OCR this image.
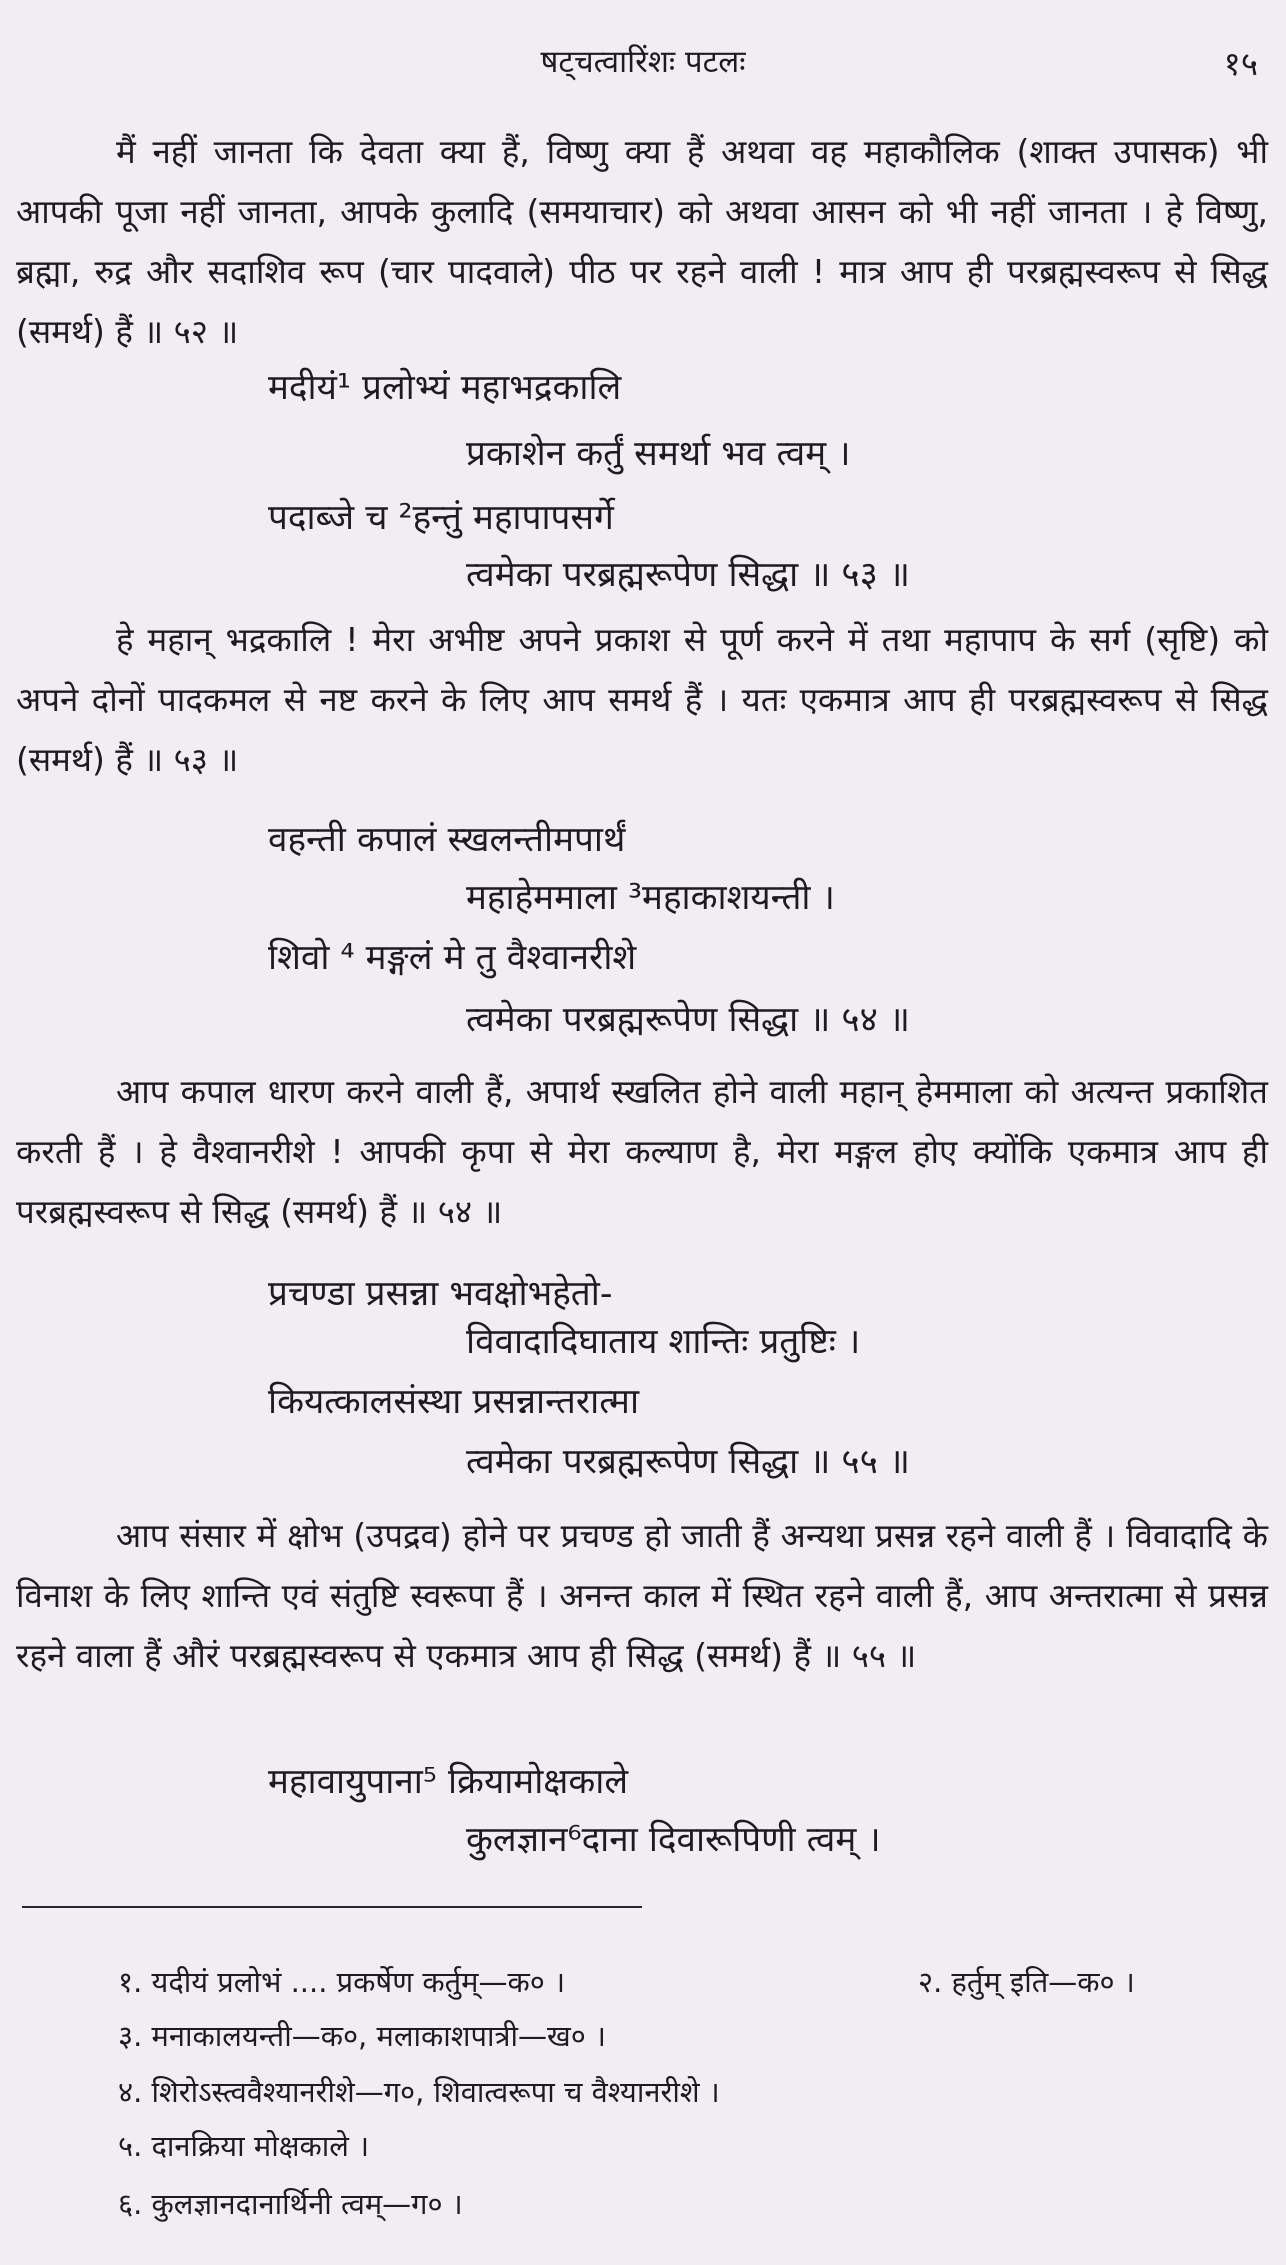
षट्चत्वारिंशः पटलः	१५

मैं नहीं जानता कि देवता क्या हैं, विष्णु क्या हैं अथवा वह महाकौलिक (शाक्त उपासक) भी आपकी पूजा नहीं जानता, आपके कुलादि (समयाचार) को अथवा आसन को भी नहीं जानता । हे विष्णु, ब्रह्मा, रुद्र और सदाशिव रूप (चार पादवाले) पीठ पर रहने वाली ! मात्र आप ही परब्रह्मस्वरूप से सिद्ध (समर्थ) हैं ॥ ५२ ॥

मदीयं¹ प्रलोभ्यं महाभद्रकालि

प्रकाशेन कर्तुं समर्था भव त्वम् ।

पदाब्जे च ²हन्तुं महापापसर्गे

त्वमेका परब्रह्मरूपेण सिद्धा ॥ ५३ ॥

हे महान् भद्रकालि ! मेरा अभीष्ट अपने प्रकाश से पूर्ण करने में तथा महापाप के सर्ग (सृष्टि) को अपने दोनों पादकमल से नष्ट करने के लिए आप समर्थ हैं । यतः एकमात्र आप ही परब्रह्मस्वरूप से सिद्ध (समर्थ) हैं ॥ ५३ ॥

वहन्ती कपालं स्खलन्तीमपार्थं

महाहेममाला ³महाकाशयन्ती ।

शिवो ⁴ मङ्गलं मे तु वैश्वानरीशे

त्वमेका परब्रह्मरूपेण सिद्धा ॥ ५४ ॥

आप कपाल धारण करने वाली हैं, अपार्थ स्खलित होने वाली महान् हेममाला को अत्यन्त प्रकाशित करती हैं । हे वैश्वानरीशे ! आपकी कृपा से मेरा कल्याण है, मेरा मङ्गल होए क्योंकि एकमात्र आप ही परब्रह्मस्वरूप से सिद्ध (समर्थ) हैं ॥ ५४ ॥

प्रचण्डा प्रसन्ना भवक्षोभहेतो-

विवादादिघाताय शान्तिः प्रतुष्टिः ।

कियत्कालसंस्था प्रसन्नान्तरात्मा

त्वमेका परब्रह्मरूपेण सिद्धा ॥ ५५ ॥

आप संसार में क्षोभ (उपद्रव) होने पर प्रचण्ड हो जाती हैं अन्यथा प्रसन्न रहने वाली हैं । विवादादि के विनाश के लिए शान्ति एवं संतुष्टि स्वरूपा हैं । अनन्त काल में स्थित रहने वाली हैं, आप अन्तरात्मा से प्रसन्न रहने वाला हैं औरं परब्रह्मस्वरूप से एकमात्र आप ही सिद्ध (समर्थ) हैं ॥ ५५ ॥

महावायुपाना⁵ क्रियामोक्षकाले

कुलज्ञान⁶दाना दिवारूपिणी त्वम् ।

१. यदीयं प्रलोभं .... प्रकर्षेण कर्तुम्—क० ।	२. हर्तुम् इति—क० ।

३. मनाकालयन्ती—क०, मलाकाशपात्री—ख० ।

४. शिरोऽस्त्ववैश्यानरीशे—ग०, शिवात्वरूपा च वैश्यानरीशे ।

५. दानक्रिया मोक्षकाले ।

६. कुलज्ञानदानार्थिनी त्वम्—ग० ।
